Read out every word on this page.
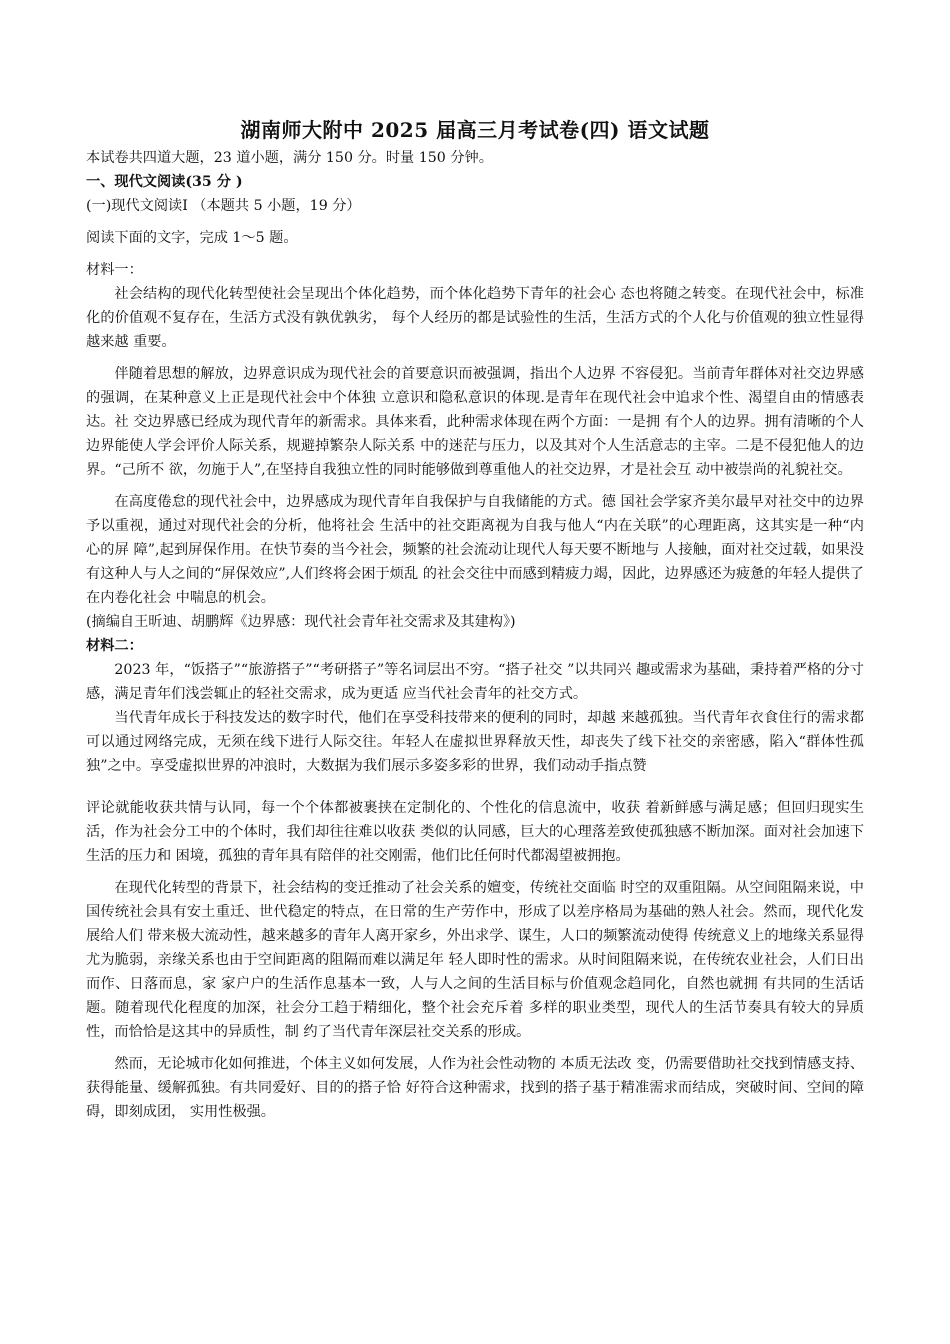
湖南师大附中 2025 届高三月考试卷(四) 语文试题

本试卷共四道大题，23 道小题，满分 150 分。时量 150 分钟。

一、现代文阅读(35 分 )

(一)现代文阅读Ⅰ （本题共 5 小题，19 分）

阅读下面的文字，完成 1～5 题。

材料一：

社会结构的现代化转型使社会呈现出个体化趋势，而个体化趋势下青年的社会心 态也将随之转变。在现代社会中，标准化的价值观不复存在，生活方式没有孰优孰劣， 每个人经历的都是试验性的生活，生活方式的个人化与价值观的独立性显得越来越 重要。

伴随着思想的解放，边界意识成为现代社会的首要意识而被强调，指出个人边界 不容侵犯。当前青年群体对社交边界感的强调，在某种意义上正是现代社会中个体独 立意识和隐私意识的体现.是青年在现代社会中追求个性、渴望自由的情感表达。社 交边界感已经成为现代青年的新需求。具体来看，此种需求体现在两个方面：一是拥 有个人的边界。拥有清晰的个人边界能使人学会评价人际关系，规避掉繁杂人际关系 中的迷茫与压力，以及其对个人生活意志的主宰。二是不侵犯他人的边界。“己所不 欲，勿施于人”,在坚持自我独立性的同时能够做到尊重他人的社交边界，才是社会互 动中被崇尚的礼貌社交。

在高度倦怠的现代社会中，边界感成为现代青年自我保护与自我储能的方式。德 国社会学家齐美尔最早对社交中的边界予以重视，通过对现代社会的分析，他将社会 生活中的社交距离视为自我与他人“内在关联”的心理距离，这其实是一种“内心的屏 障”,起到屏保作用。在快节奏的当今社会，频繁的社会流动让现代人每天要不断地与 人接触，面对社交过载，如果没有这种人与人之间的“屏保效应”,人们终将会困于烦乱 的社会交往中而感到精疲力竭，因此，边界感还为疲惫的年轻人提供了在内卷化社会 中喘息的机会。

(摘编自王昕迪、胡鹏辉《边界感：现代社会青年社交需求及其建构》)

材料二：

2023 年，“饭搭子”“旅游搭子”“考研搭子”等名词层出不穷。“搭子社交 ”以共同兴 趣或需求为基础，秉持着严格的分寸感，满足青年们浅尝辄止的轻社交需求，成为更适 应当代社会青年的社交方式。

当代青年成长于科技发达的数字时代，他们在享受科技带来的便利的同时，却越 来越孤独。当代青年衣食住行的需求都可以通过网络完成，无须在线下进行人际交往。年轻人在虚拟世界释放天性，却丧失了线下社交的亲密感，陷入“群体性孤独”之中。享受虚拟世界的冲浪时，大数据为我们展示多姿多彩的世界，我们动动手指点赞

评论就能收获共情与认同，每一个个体都被裹挟在定制化的、个性化的信息流中，收获 着新鲜感与满足感；但回归现实生活，作为社会分工中的个体时，我们却往往难以收获 类似的认同感，巨大的心理落差致使孤独感不断加深。面对社会加速下生活的压力和 困境，孤独的青年具有陪伴的社交刚需，他们比任何时代都渴望被拥抱。

在现代化转型的背景下，社会结构的变迁推动了社会关系的嬗变，传统社交面临 时空的双重阻隔。从空间阻隔来说，中国传统社会具有安土重迁、世代稳定的特点，在日常的生产劳作中，形成了以差序格局为基础的熟人社会。然而，现代化发展给人们 带来极大流动性，越来越多的青年人离开家乡，外出求学、谋生，人口的频繁流动使得 传统意义上的地缘关系显得尤为脆弱，亲缘关系也由于空间距离的阻隔而难以满足年 轻人即时性的需求。从时间阻隔来说，在传统农业社会，人们日出而作、日落而息，家 家户户的生活作息基本一致，人与人之间的生活目标与价值观念趋同化，自然也就拥 有共同的生活话题。随着现代化程度的加深，社会分工趋于精细化，整个社会充斥着 多样的职业类型，现代人的生活节奏具有较大的异质性，而恰恰是这其中的异质性，制 约了当代青年深层社交关系的形成。

然而，无论城市化如何推进，个体主义如何发展，人作为社会性动物的 本质无法改 变，仍需要借助社交找到情感支持、获得能量、缓解孤独。有共同爱好、目的的搭子恰 好符合这种需求，找到的搭子基于精准需求而结成，突破时间、空间的障碍，即刻成团， 实用性极强。
